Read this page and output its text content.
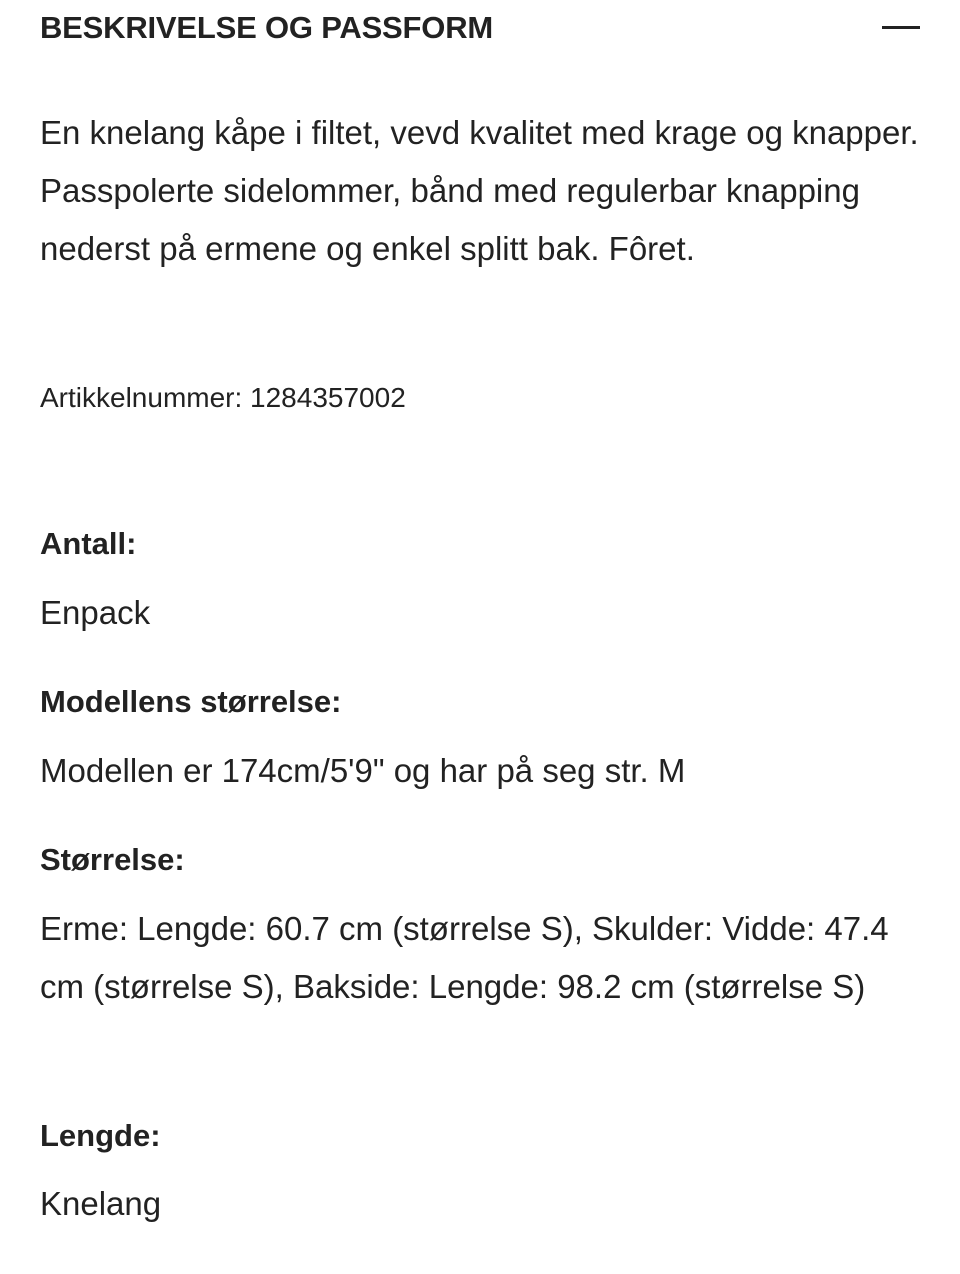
BESKRIVELSE OG PASSFORM

En knelang kåpe i filtet, vevd kvalitet med krage og knapper. Passpolerte sidelommer, bånd med regulerbar knapping nederst på ermene og enkel splitt bak. Fôret.

Artikkelnummer: 1284357002
Antall:

Enpack

Modellens størrelse:

Modellen er 174cm/5'9" og har på seg str. M

Størrelse:

Erme: Lengde: 60.7 cm (størrelse S), Skulder: Vidde: 47.4 cm (størrelse S), Bakside: Lengde: 98.2 cm (størrelse S)

Lengde:

Knelang
